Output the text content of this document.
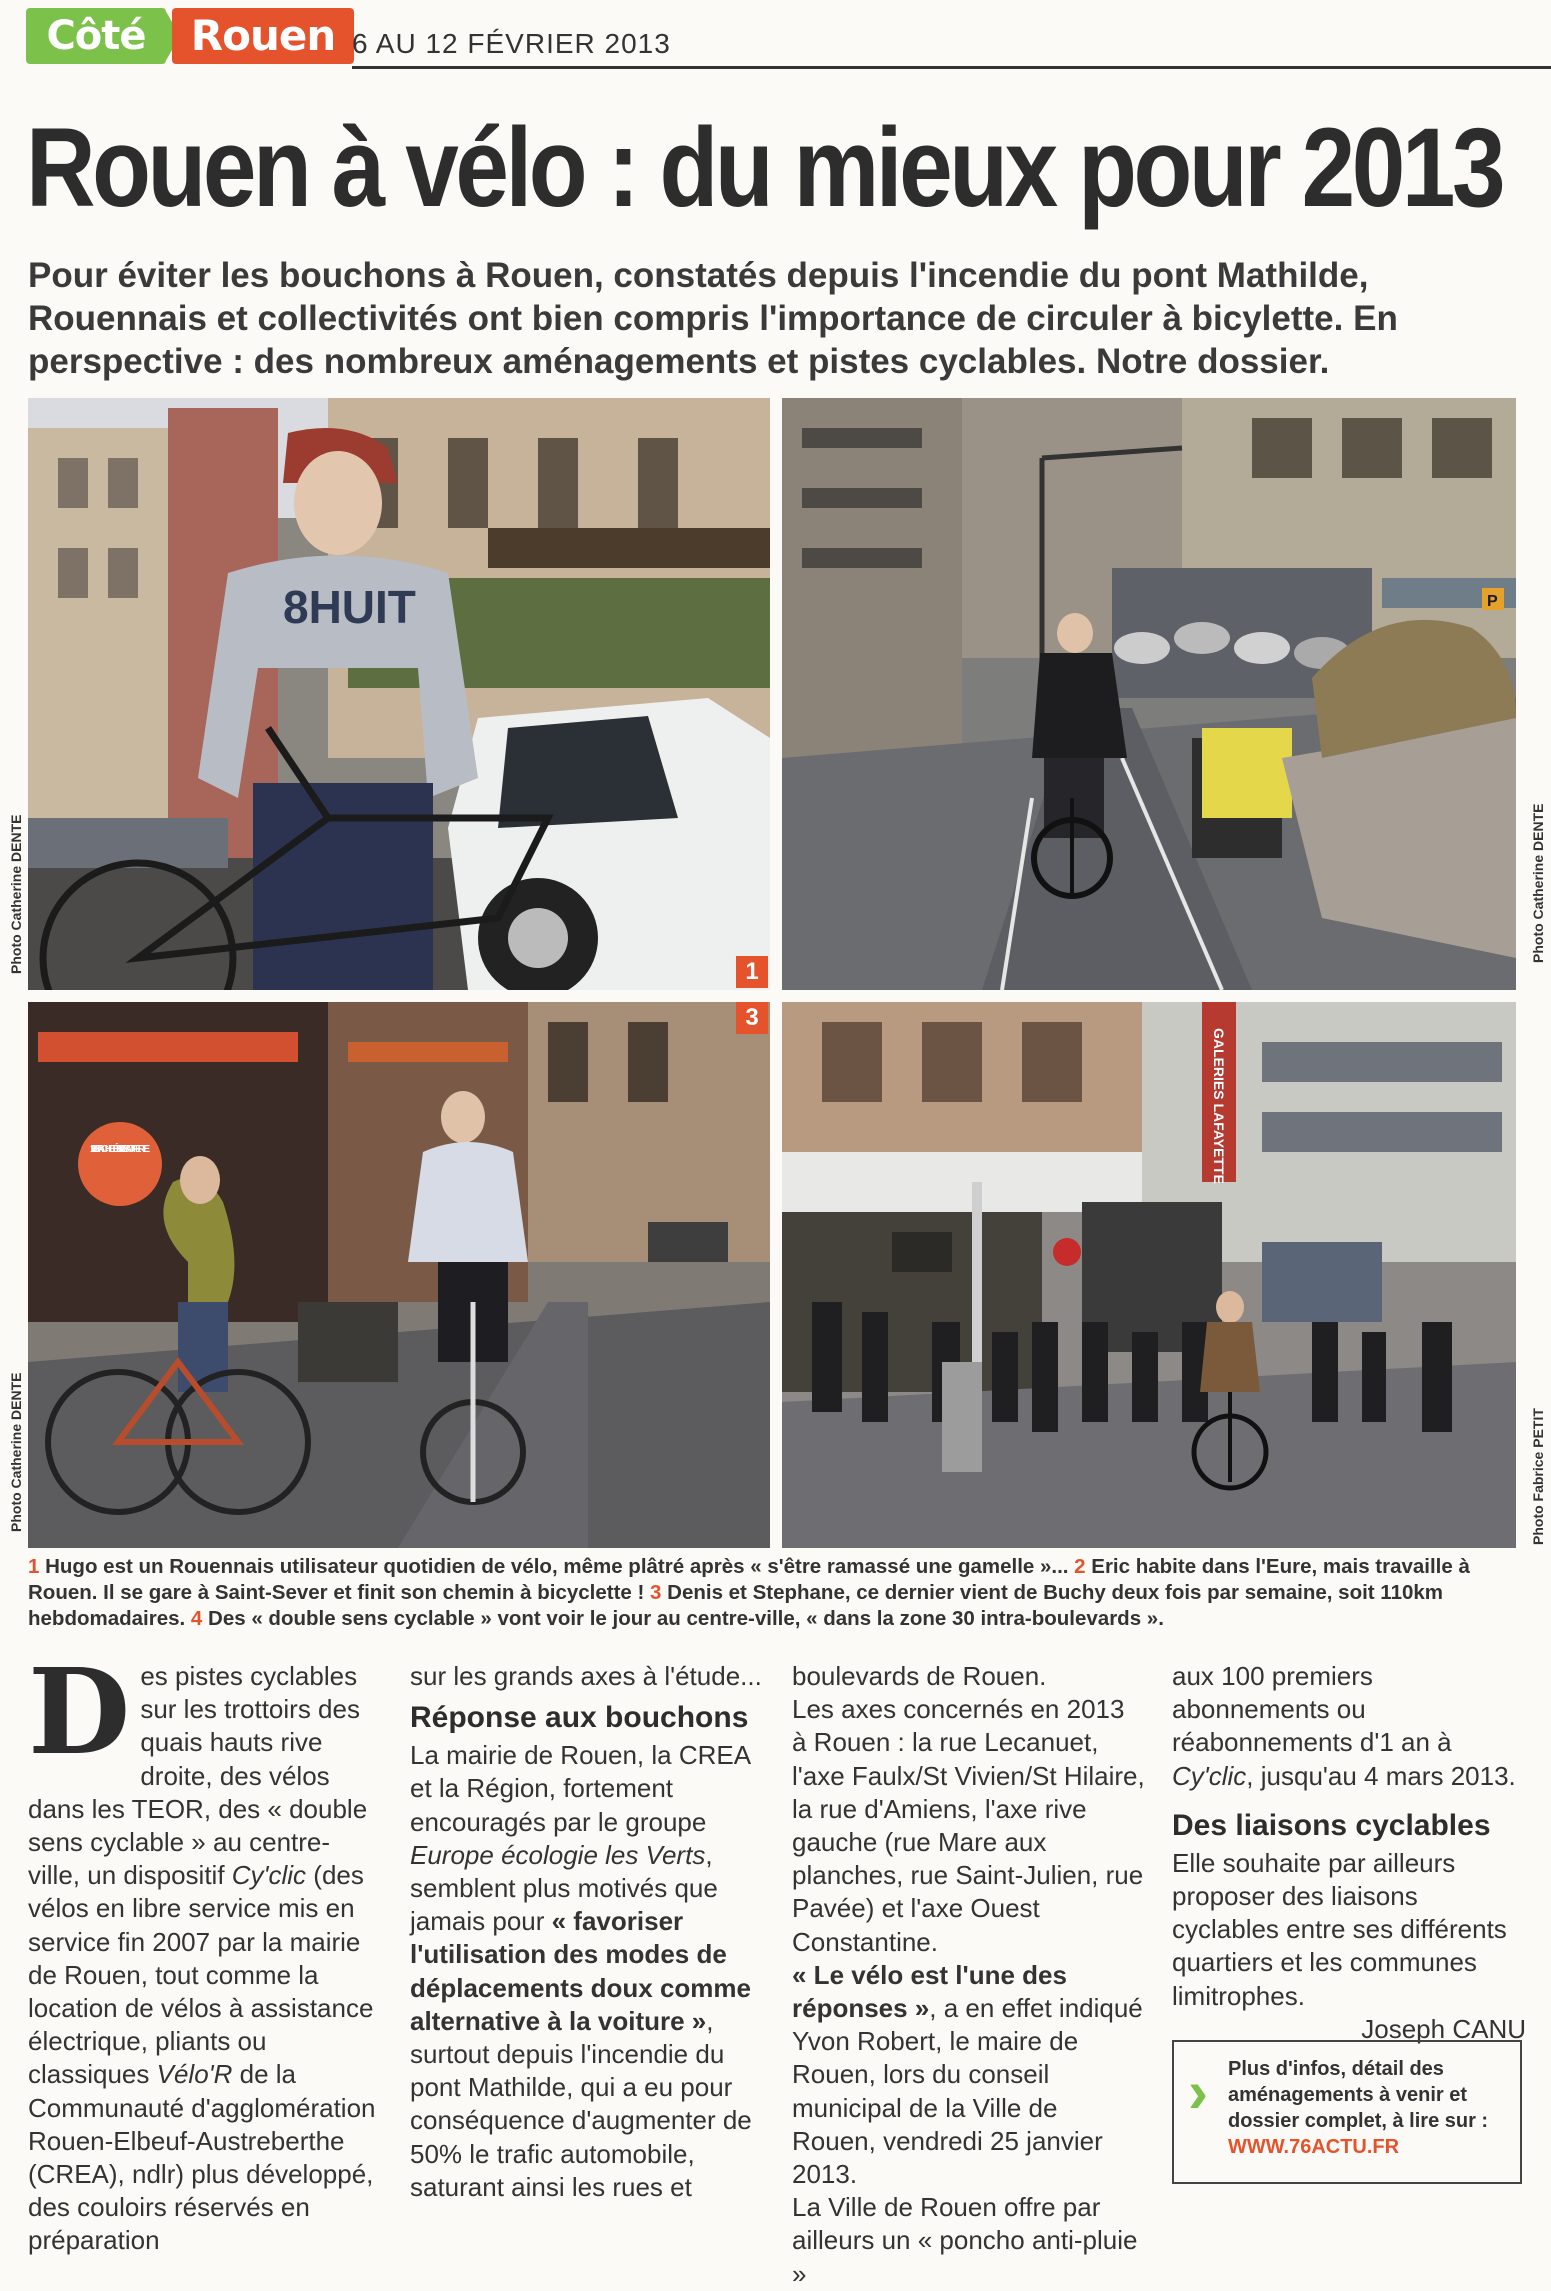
Côté	Rouen 6 AU 12 FÉVRIER 2013
Rouen à vélo : du mieux pour 2013
Pour éviter les bouchons à Rouen, constatés depuis l'incendie du pont Mathilde, Rouennais et collectivités ont bien compris l'importance de circuler à bicylette. En perspective : des nombreux aménagements et pistes cyclables. Notre dossier.
8HUIT
1
P
Photo Catherine DENTE	Photo Catherine DENTE
1 PIZZA ACHETÉE = 1 PIZZA OFFERTE
3
GALERIES LAFAYETTE
Photo Catherine DENTE	Photo Fabrice PETIT
1 Hugo est un Rouennais utilisateur quotidien de vélo, même plâtré après « s'être ramassé une gamelle »... 2 Eric habite dans l'Eure, mais travaille à Rouen. Il se gare à Saint-Sever et finit son chemin à bicyclette ! 3 Denis et Stephane, ce dernier vient de Buchy deux fois par semaine, soit 110km hebdomadaires. 4 Des « double sens cyclable » vont voir le jour au centre-ville, « dans la zone 30 intra-boulevards ».

Des pistes cyclables sur les trottoirs des quais hauts rive droite, des vélos dans les TEOR, des « double sens cyclable » au centre-ville, un dispositif Cy'clic (des vélos en libre service mis en service fin 2007 par la mairie de Rouen, tout comme la location de vélos à assistance électrique, pliants ou classiques Vélo'R de la Communauté d'agglomération Rouen-Elbeuf-Austreberthe (CREA), ndlr) plus développé, des couloirs réservés en préparation

sur les grands axes à l'étude...

Réponse aux bouchons

La mairie de Rouen, la CREA et la Région, fortement encouragés par le groupe Europe écologie les Verts, semblent plus motivés que jamais pour « favoriser l'utilisation des modes de déplacements doux comme alternative à la voiture », surtout depuis l'incendie du pont Mathilde, qui a eu pour conséquence d'augmenter de 50% le trafic automobile, saturant ainsi les rues et

boulevards de Rouen.

Les axes concernés en 2013 à Rouen : la rue Lecanuet, l'axe Faulx/St Vivien/St Hilaire, la rue d'Amiens, l'axe rive gauche (rue Mare aux planches, rue Saint-Julien, rue Pavée) et l'axe Ouest Constantine.

« Le vélo est l'une des réponses », a en effet indiqué Yvon Robert, le maire de Rouen, lors du conseil municipal de la Ville de Rouen, vendredi 25 janvier 2013.

La Ville de Rouen offre par ailleurs un « poncho anti-pluie »

aux 100 premiers abonnements ou réabonnements d'1 an à Cy'clic, jusqu'au 4 mars 2013.

Des liaisons cyclables

Elle souhaite par ailleurs proposer des liaisons cyclables entre ses différents quartiers et les communes limitrophes.

Joseph CANU

› Plus d'infos, détail des aménagements à venir et dossier complet, à lire sur :
WWW.76ACTU.FR
